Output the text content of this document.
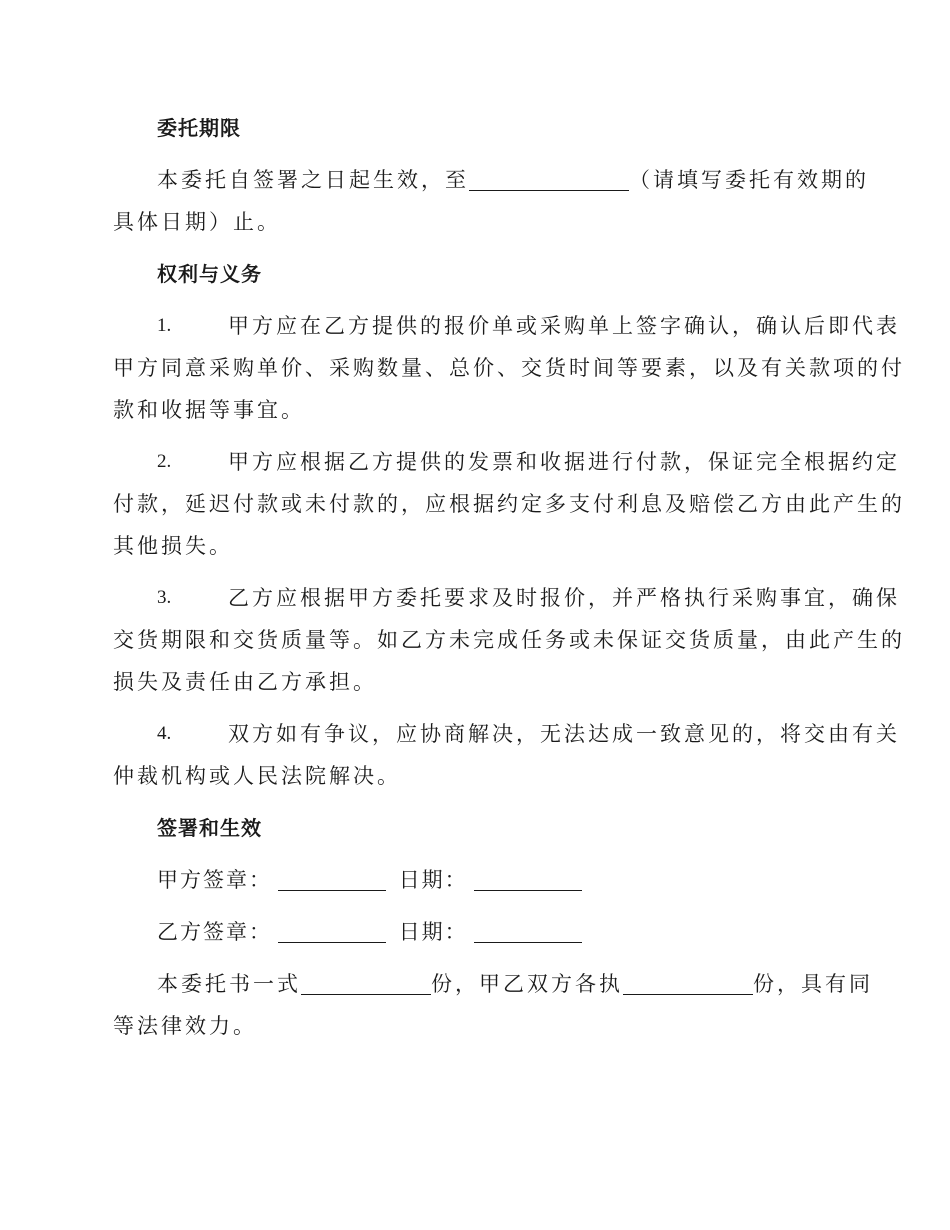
委托期限
本委托自签署之日起生效，至	（请填写委托有效期的
具体日期）止。
权利与义务
1.	甲方应在乙方提供的报价单或采购单上签字确认，确认后即代表
甲方同意采购单价、采购数量、总价、交货时间等要素，以及有关款项的付
款和收据等事宜。
2.	甲方应根据乙方提供的发票和收据进行付款，保证完全根据约定
付款，延迟付款或未付款的，应根据约定多支付利息及赔偿乙方由此产生的
其他损失。
3.	乙方应根据甲方委托要求及时报价，并严格执行采购事宜，确保
交货期限和交货质量等。如乙方未完成任务或未保证交货质量，由此产生的
损失及责任由乙方承担。
4.	双方如有争议，应协商解决，无法达成一致意见的，将交由有关
仲裁机构或人民法院解决。
签署和生效
甲方签章：	日期：
乙方签章：	日期：
本委托书一式	份，甲乙双方各执	份，具有同
等法律效力。
